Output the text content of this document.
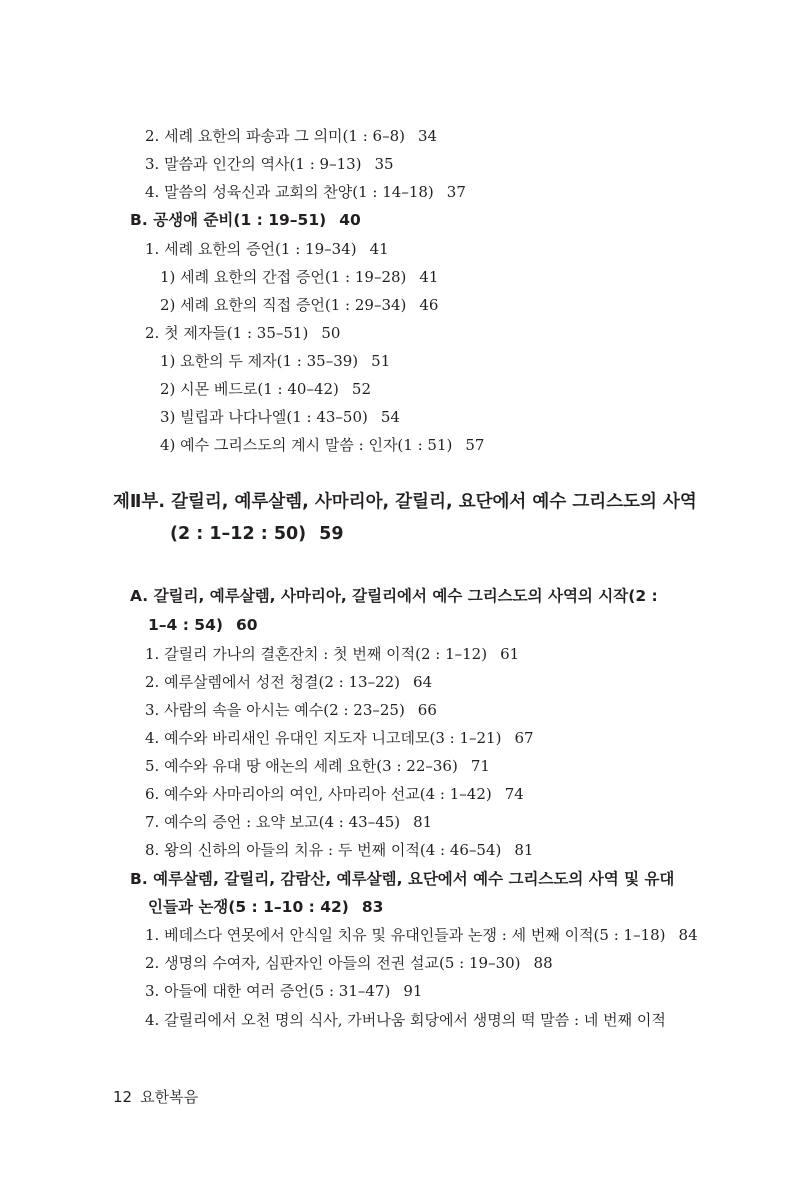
2. 세례 요한의 파송과 그 의미(1 : 6–8) 34
3. 말씀과 인간의 역사(1 : 9–13) 35
4. 말씀의 성육신과 교회의 찬양(1 : 14–18) 37
B. 공생애 준비(1 : 19–51) 40
1. 세례 요한의 증언(1 : 19–34) 41
1) 세례 요한의 간접 증언(1 : 19–28) 41
2) 세례 요한의 직접 증언(1 : 29–34) 46
2. 첫 제자들(1 : 35–51) 50
1) 요한의 두 제자(1 : 35–39) 51
2) 시몬 베드로(1 : 40–42) 52
3) 빌립과 나다나엘(1 : 43–50) 54
4) 예수 그리스도의 계시 말씀 : 인자(1 : 51) 57
제Ⅱ부. 갈릴리, 예루살렘, 사마리아, 갈릴리, 요단에서 예수 그리스도의 사역
(2 : 1–12 : 50) 59
A. 갈릴리, 예루살렘, 사마리아, 갈릴리에서 예수 그리스도의 사역의 시작(2 :
1–4 : 54) 60
1. 갈릴리 가나의 결혼잔치 : 첫 번째 이적(2 : 1–12) 61
2. 예루살렘에서 성전 청결(2 : 13–22) 64
3. 사람의 속을 아시는 예수(2 : 23–25) 66
4. 예수와 바리새인 유대인 지도자 니고데모(3 : 1–21) 67
5. 예수와 유대 땅 애논의 세례 요한(3 : 22–36) 71
6. 예수와 사마리아의 여인, 사마리아 선교(4 : 1–42) 74
7. 예수의 증언 : 요약 보고(4 : 43–45) 81
8. 왕의 신하의 아들의 치유 : 두 번째 이적(4 : 46–54) 81
B. 예루살렘, 갈릴리, 감람산, 예루살렘, 요단에서 예수 그리스도의 사역 및 유대
인들과 논쟁(5 : 1–10 : 42) 83
1. 베데스다 연못에서 안식일 치유 및 유대인들과 논쟁 : 세 번째 이적(5 : 1–18) 84
2. 생명의 수여자, 심판자인 아들의 전권 설교(5 : 19–30) 88
3. 아들에 대한 여러 증언(5 : 31–47) 91
4. 갈릴리에서 오천 명의 식사, 가버나움 회당에서 생명의 떡 말씀 : 네 번째 이적
12 요한복음
